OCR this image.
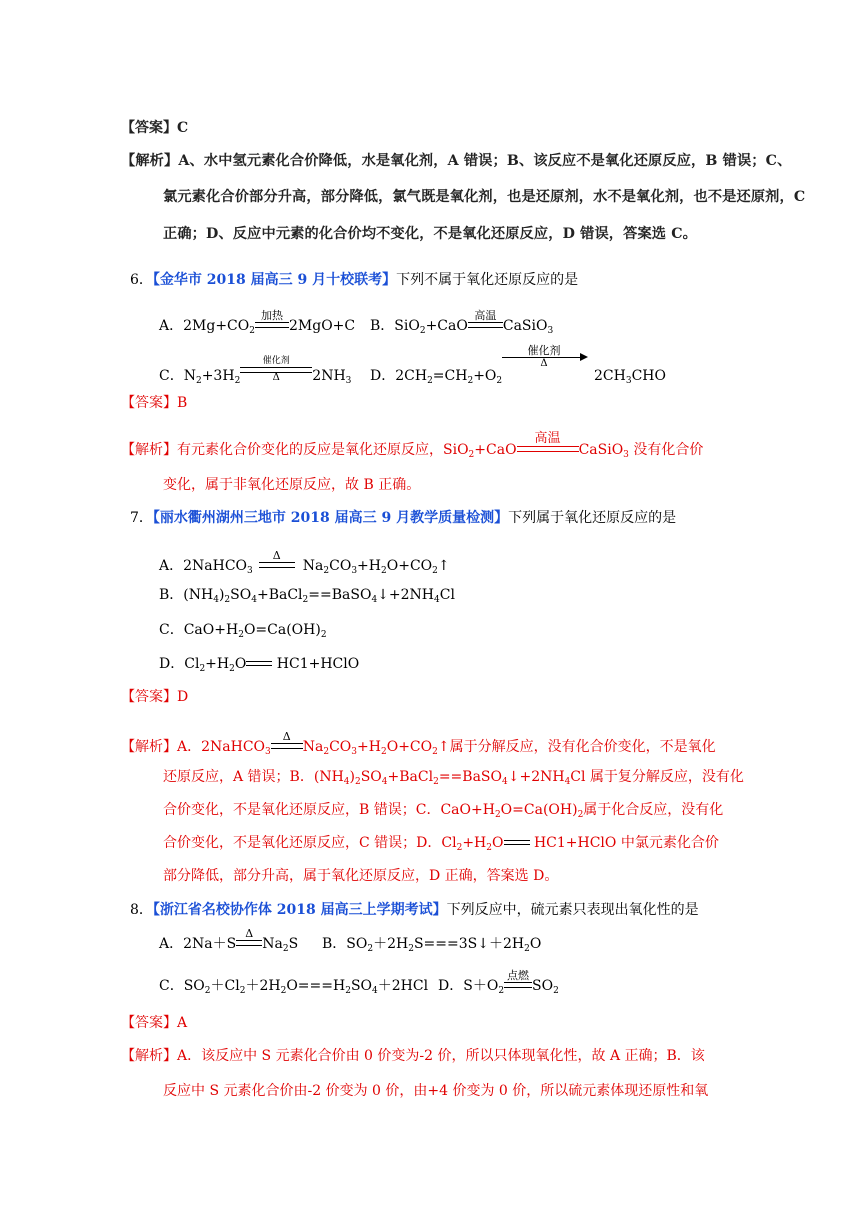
【答案】C
【解析】A、水中氢元素化合价降低，水是氧化剂，A 错误；B、该反应不是氧化还原反应，B 错误；C、
氯元素化合价部分升高，部分降低，氯气既是氧化剂，也是还原剂，水不是氧化剂，也不是还原剂，C
正确；D、反应中元素的化合价均不变化，不是氧化还原反应，D 错误，答案选 C。
6．【金华市 2018 届高三 9 月十校联考】下列不属于氧化还原反应的是
A．$2Mg+CO_2$
加热
2MgO+C B．SiO$_2$+CaO
高温
CaSiO$_3$
C．$N_2+3H_2$
催化剂
Δ	$2NH_3$ D．$2CH_2=CH_2+O_2$
催化剂
Δ
$2CH_3CHO$
【答案】B
【解析】有元素化合价变化的反应是氧化还原反应，SiO$_2$+CaO
高温
CaSiO$_3$ 没有化合价
变化，属于非氧化还原反应，故 B 正确。
7．【丽水衢州湖州三地市 2018 届高三 9 月教学质量检测】下列属于氧化还原反应的是
A．2NaHCO$_3$
Δ
$Na_2CO_3+H_2O+CO_2↑$
B．$(NH_4)_2SO_4+BaCl_2==BaSO_4↓+2NH_4Cl$
C．$CaO+H_2O=Ca(OH)_2$
D．$Cl_2+H_2O$
HC1+HClO
【答案】D
【解析】A．2NaHCO$_3$
Δ
$Na_2CO_3+H_2O+CO_2↑$属于分解反应，没有化合价变化，不是氧化
还原反应，A 错误；B．$(NH_4)_2SO_4+BaCl_2==BaSO_4↓+2NH_4Cl$ 属于复分解反应，没有化
合价变化，不是氧化还原反应，B 错误；C．$CaO+H_2O=Ca(OH)_2$属于化合反应，没有化
合价变化，不是氧化还原反应，C 错误；D．$Cl_2+H_2O$
HC1+HClO 中氯元素化合价
部分降低，部分升高，属于氧化还原反应，D 正确，答案选 D。
8．【浙江省名校协作体 2018 届高三上学期考试】下列反应中，硫元素只表现出氧化性的是
A．2Na＋S
Δ
$Na_2S$ B．$SO_2+2H_2S===3S↓+2H_2O$
C．$SO_2+Cl_2+2H_2O===H_2SO_4+2HCl$ D．$S+O_2$
点燃
$SO_2$
【答案】A
【解析】A．该反应中 S 元素化合价由 0 价变为-2 价，所以只体现氧化性，故 A 正确；B．该
反应中 S 元素化合价由-2 价变为 0 价，由+4 价变为 0 价，所以硫元素体现还原性和氧
